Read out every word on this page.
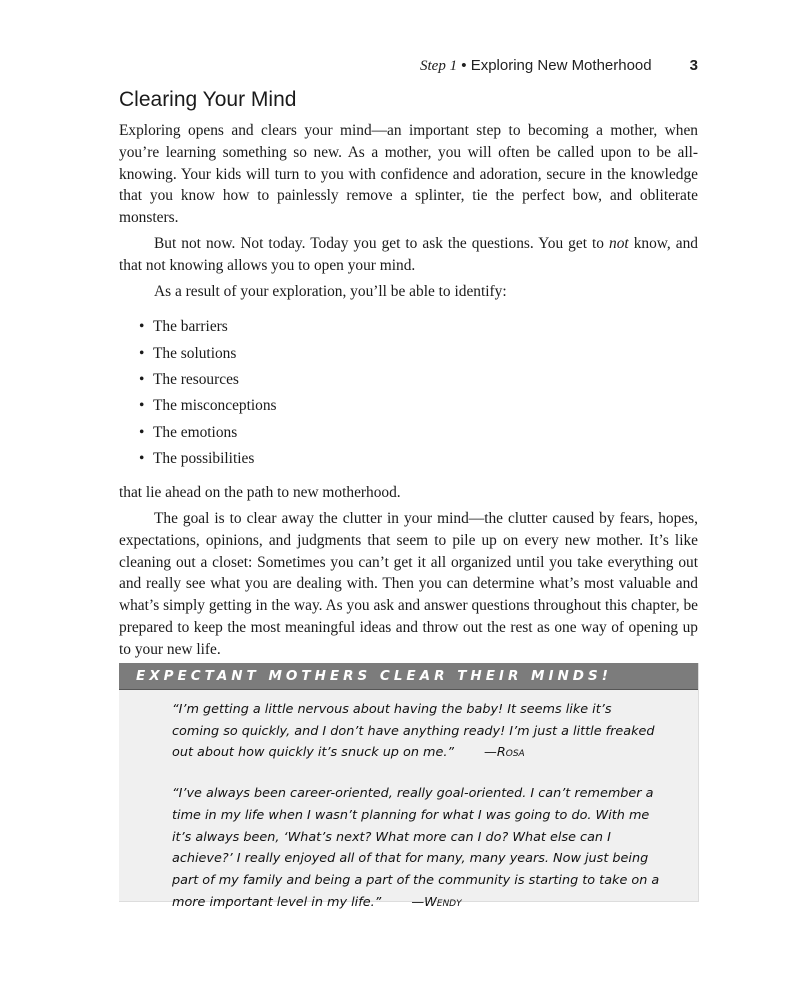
Step 1 • Exploring New Motherhood	3
Clearing Your Mind

Exploring opens and clears your mind—an important step to becoming a mother, when you’re learning something so new. As a mother, you will often be called upon to be all-knowing. Your kids will turn to you with confidence and adoration, secure in the knowledge that you know how to painlessly remove a splinter, tie the perfect bow, and obliterate monsters.

But not now. Not today. Today you get to ask the questions. You get to not know, and that not knowing allows you to open your mind.

As a result of your exploration, you’ll be able to identify:

• The barriers
• The solutions
• The resources
• The misconceptions
• The emotions
• The possibilities

that lie ahead on the path to new motherhood.

The goal is to clear away the clutter in your mind—the clutter caused by fears, hopes, expectations, opinions, and judgments that seem to pile up on every new mother. It’s like cleaning out a closet: Sometimes you can’t get it all organized until you take everything out and really see what you are dealing with. Then you can determine what’s most valuable and what’s simply getting in the way. As you ask and answer questions throughout this chapter, be prepared to keep the most meaningful ideas and throw out the rest as one way of opening up to your new life.

EXPECTANT MOTHERS CLEAR THEIR MINDS!
“I’m getting a little nervous about having the baby! It seems like it’s coming so quickly, and I don’t have anything ready! I’m just a little freaked out about how quickly it’s snuck up on me.” —Rosa
“I’ve always been career-oriented, really goal-oriented. I can’t remember a time in my life when I wasn’t planning for what I was going to do. With me it’s always been, ‘What’s next? What more can I do? What else can I achieve?’ I really enjoyed all of that for many, many years. Now just being part of my family and being a part of the community is starting to take on a more important level in my life.” —Wendy
